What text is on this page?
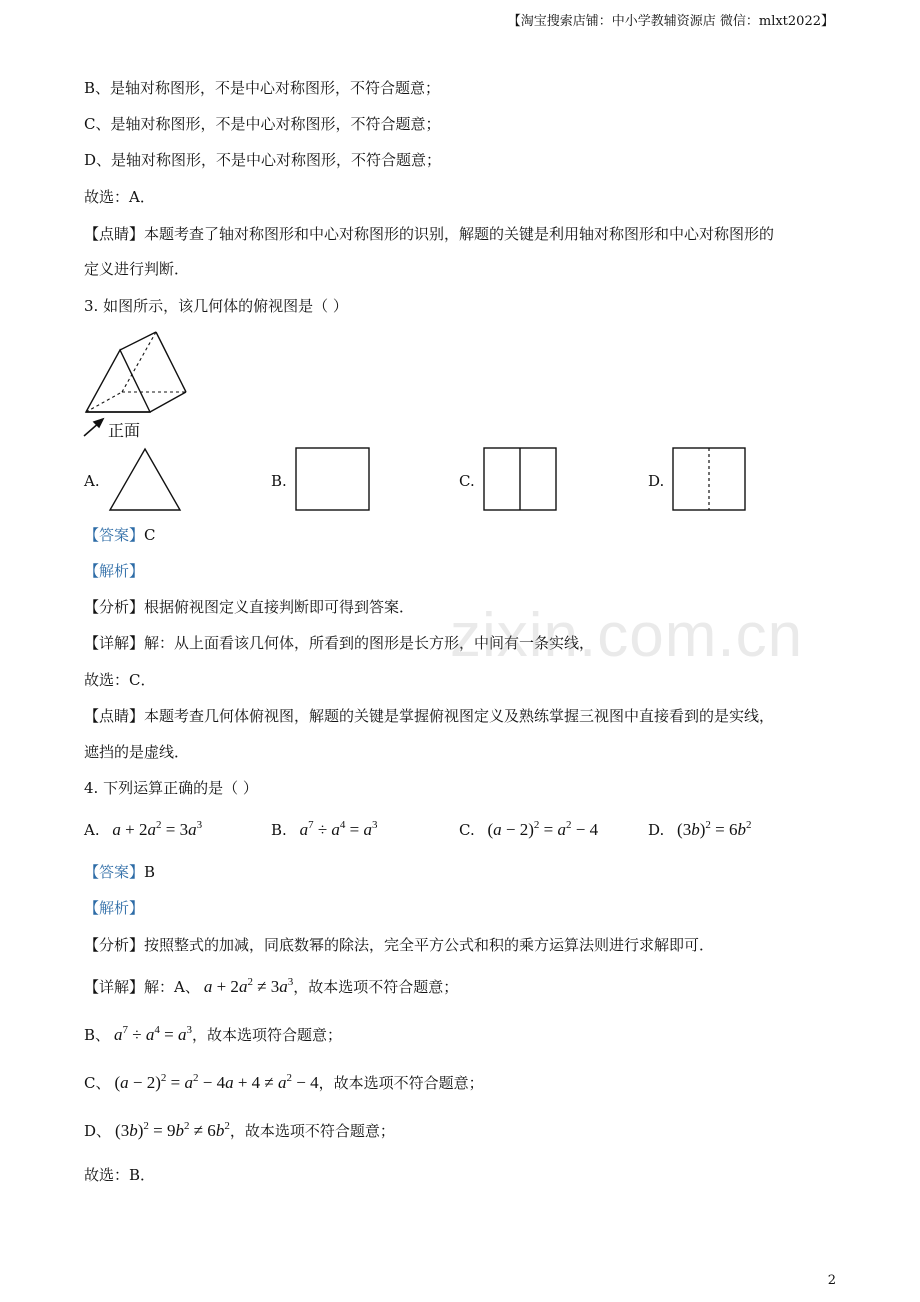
【淘宝搜索店铺：中小学教辅资源店 微信：mlxt2022】
B、是轴对称图形，不是中心对称图形，不符合题意；
C、是轴对称图形，不是中心对称图形，不符合题意；
D、是轴对称图形，不是中心对称图形，不符合题意；
故选：A．
【点睛】本题考查了轴对称图形和中心对称图形的识别，解题的关键是利用轴对称图形和中心对称图形的
定义进行判断．
3. 如图所示，该几何体的俯视图是（ ）
正面
A.	B.	C.	D.
【答案】C
【解析】
【分析】根据俯视图定义直接判断即可得到答案．
【详解】解：从上面看该几何体，所看到的图形是长方形，中间有一条实线，
故选：C．
【点睛】本题考查几何体俯视图，解题的关键是掌握俯视图定义及熟练掌握三视图中直接看到的是实线，
遮挡的是虚线．
4. 下列运算正确的是（ ）
A. $a + 2a^2 = 3a^3$	B. $a^7 \div a^4 = a^3$	C. $(a - 2)^2 = a^2 - 4$	D. $(3b)^2 = 6b^2$
【答案】B
【解析】
【分析】按照整式的加减，同底数幂的除法，完全平方公式和积的乘方运算法则进行求解即可．
【详解】解：A、 $a + 2a^2 \ne 3a^3$，故本选项不符合题意；
B、 $a^7 \div a^4 = a^3$，故本选项符合题意；
C、 $(a - 2)^2 = a^2 - 4a + 4 \ne a^2 - 4$，故本选项不符合题意；
D、 $(3b)^2 = 9b^2 \ne 6b^2$，故本选项不符合题意；
故选：B．
zixin.com.cn
2
